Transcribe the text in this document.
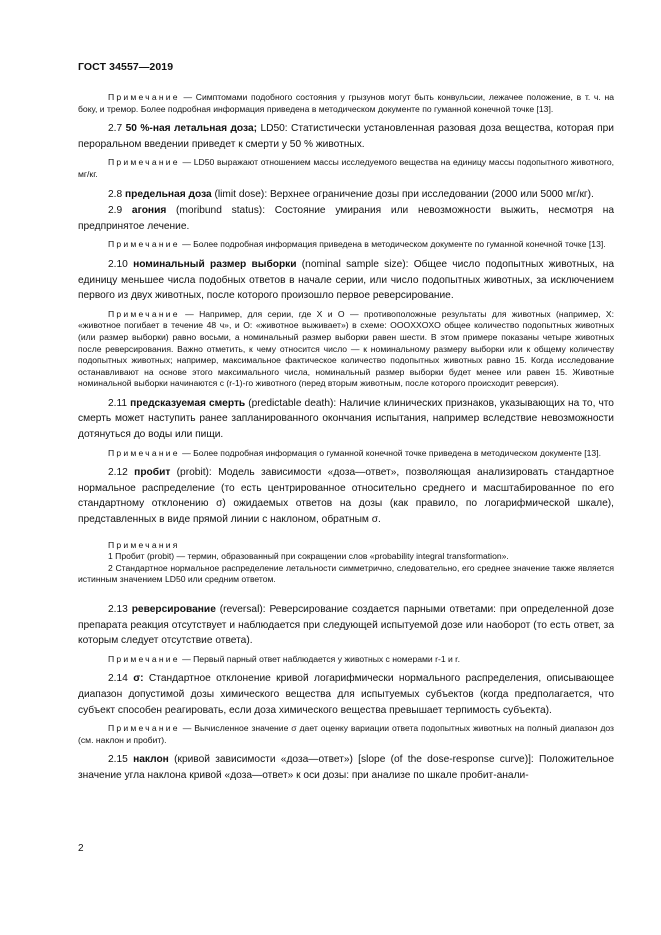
ГОСТ 34557—2019

Примечание — Симптомами подобного состояния у грызунов могут быть конвульсии, лежачее положение, в т. ч. на боку, и тремор. Более подробная информация приведена в методическом документе по гуманной конечной точке [13].

2.7 50 %-ная летальная доза; LD50: Статистически установленная разовая доза вещества, которая при пероральном введении приведет к смерти у 50 % животных.

Примечание — LD50 выражают отношением массы исследуемого вещества на единицу массы подопытного животного, мг/кг.

2.8 предельная доза (limit dose): Верхнее ограничение дозы при исследовании (2000 или 5000 мг/кг).

2.9 агония (moribund status): Состояние умирания или невозможности выжить, несмотря на предпринятое лечение.

Примечание — Более подробная информация приведена в методическом документе по гуманной конечной точке [13].

2.10 номинальный размер выборки (nominal sample size): Общее число подопытных животных, на единицу меньшее числа подобных ответов в начале серии, или число подопытных животных, за исключением первого из двух животных, после которого произошло первое реверсирование.

Примечание — Например, для серии, где X и O — противоположные результаты для животных (например, X: «животное погибает в течение 48 ч», и O: «животное выживает») в схеме: OOOXXOXO общее количество подопытных животных (или размер выборки) равно восьми, а номинальный размер выборки равен шести. В этом примере показаны четыре животных после реверсирования. Важно отметить, к чему относится число — к номинальному размеру выборки или к общему количеству подопытных животных; например, максимальное фактическое количество подопытных животных равно 15. Когда исследование останавливают на основе этого максимального числа, номинальный размер выборки будет менее или равен 15. Животные номинальной выборки начинаются с (r-1)-го животного (перед вторым животным, после которого происходит реверсия).

2.11 предсказуемая смерть (predictable death): Наличие клинических признаков, указывающих на то, что смерть может наступить ранее запланированного окончания испытания, например вследствие невозможности дотянуться до воды или пищи.

Примечание — Более подробная информация о гуманной конечной точке приведена в методическом документе [13].

2.12 пробит (probit): Модель зависимости «доза—ответ», позволяющая анализировать стандартное нормальное распределение (то есть центрированное относительно среднего и масштабированное по его стандартному отклонению σ) ожидаемых ответов на дозы (как правило, по логарифмической шкале), представленных в виде прямой линии с наклоном, обратным σ.

Примечания

1 Пробит (probit) — термин, образованный при сокращении слов «probability integral transformation».

2 Стандартное нормальное распределение летальности симметрично, следовательно, его среднее значение также является истинным значением LD50 или средним ответом.

2.13 реверсирование (reversal): Реверсирование создается парными ответами: при определенной дозе препарата реакция отсутствует и наблюдается при следующей испытуемой дозе или наоборот (то есть ответ, за которым следует отсутствие ответа).

Примечание — Первый парный ответ наблюдается у животных с номерами r-1 и r.

2.14 σ: Стандартное отклонение кривой логарифмически нормального распределения, описывающее диапазон допустимой дозы химического вещества для испытуемых субъектов (когда предполагается, что субъект способен реагировать, если доза химического вещества превышает терпимость субъекта).

Примечание — Вычисленное значение σ дает оценку вариации ответа подопытных животных на полный диапазон доз (см. наклон и пробит).

2.15 наклон (кривой зависимости «доза—ответ») [slope (of the dose-response curve)]: Положительное значение угла наклона кривой «доза—ответ» к оси дозы: при анализе по шкале пробит-анали-

2
